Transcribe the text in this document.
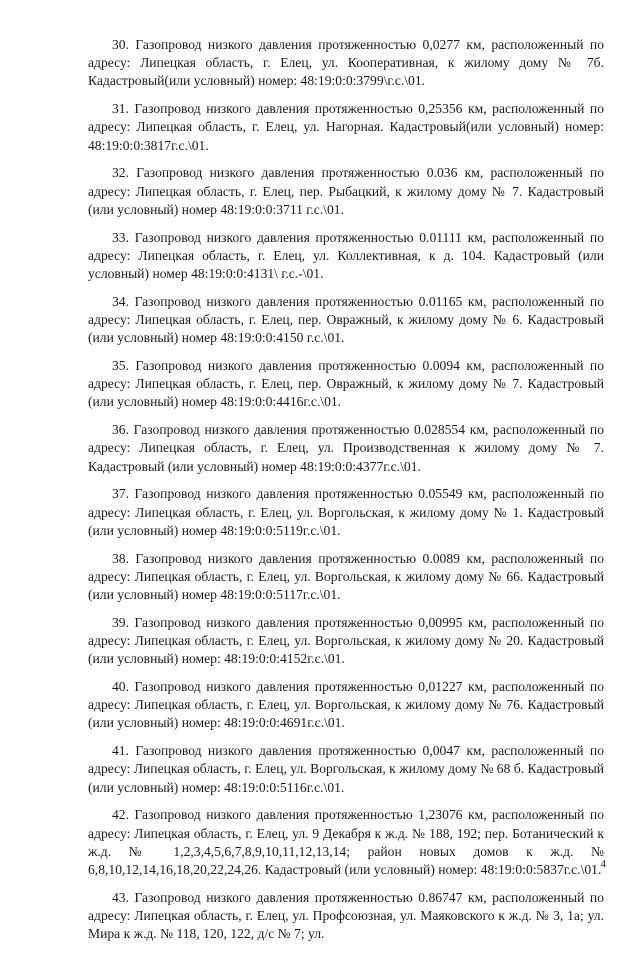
30. Газопровод низкого давления протяженностью 0,0277 км, расположенный по адресу: Липецкая область, г. Елец, ул. Кооперативная, к жилому дому № 7б. Кадастровый(или условный) номер: 48:19:0:0:3799\г.с.\01.

31. Газопровод низкого давления протяженностью 0,25356 км, расположенный по адресу: Липецкая область, г. Елец, ул. Нагорная. Кадастровый(или условный) номер: 48:19:0:0:3817г.с.\01.

32. Газопровод низкого давления протяженностью 0.036 км, расположенный по адресу: Липецкая область, г. Елец, пер. Рыбацкий, к жилому дому № 7. Кадастровый (или условный) номер 48:19:0:0:3711 г.с.\01.

33. Газопровод низкого давления протяженностью 0.01111 км, расположенный по адресу: Липецкая область, г. Елец, ул. Коллективная, к д. 104. Кадастровый (или условный) номер 48:19:0:0:4131\ г.с.-\01.

34. Газопровод низкого давления протяженностью 0.01165 км, расположенный по адресу: Липецкая область, г. Елец, пер. Овражный, к жилому дому № 6. Кадастровый (или условный) номер 48:19:0:0:4150 г.с.\01.

35. Газопровод низкого давления протяженностью 0.0094 км, расположенный по адресу: Липецкая область, г. Елец, пер. Овражный, к жилому дому № 7. Кадастровый (или условный) номер 48:19:0:0:4416г.с.\01.

36. Газопровод низкого давления протяженностью 0.028554 км, расположенный по адресу: Липецкая область, г. Елец, ул. Производственная к жилому дому № 7. Кадастровый (или условный) номер 48:19:0:0:4377г.с.\01.

37. Газопровод низкого давления протяженностью 0.05549 км, расположенный по адресу: Липецкая область, г. Елец, ул. Воргольская, к жилому дому № 1. Кадастровый (или условный) номер 48:19:0:0:5119г.с.\01.

38. Газопровод низкого давления протяженностью 0.0089 км, расположенный по адресу: Липецкая область, г. Елец, ул. Воргольская, к жилому дому № 66. Кадастровый (или условный) номер 48:19:0:0:5117г.с.\01.

39. Газопровод низкого давления протяженностью 0,00995 км, расположенный по адресу: Липецкая область, г. Елец, ул. Воргольская, к жилому дому № 20. Кадастровый (или условный) номер: 48:19:0:0:4152г.с.\01.

40. Газопровод низкого давления протяженностью 0,01227 км, расположенный по адресу: Липецкая область, г. Елец, ул. Воргольская, к жилому дому № 76. Кадастровый (или условный) номер: 48:19:0:0:4691г.с.\01.

41. Газопровод низкого давления протяженностью 0,0047 км, расположенный по адресу: Липецкая область, г. Елец, ул. Воргольская, к жилому дому № 68 б. Кадастровый (или условный) номер: 48:19:0:0:5116г.с.\01.

42. Газопровод низкого давления протяженностью 1,23076 км, расположенный по адресу: Липецкая область, г. Елец, ул. 9 Декабря к ж.д. № 188, 192; пер. Ботанический к ж.д. № 1,2,3,4,5,6,7,8,9,10,11,12,13,14; район новых домов к ж.д. № 6,8,10,12,14,16,18,20,22,24,26. Кадастровый (или условный) номер: 48:19:0:0:5837г.с.\01.

43. Газопровод низкого давления протяженностью 0.86747 км, расположенный по адресу: Липецкая область, г. Елец, ул. Профсоюзная, ул. Маяковского к ж.д. № 3, 1а; ул. Мира к ж.д. № 118, 120, 122, д/с № 7; ул.

4
